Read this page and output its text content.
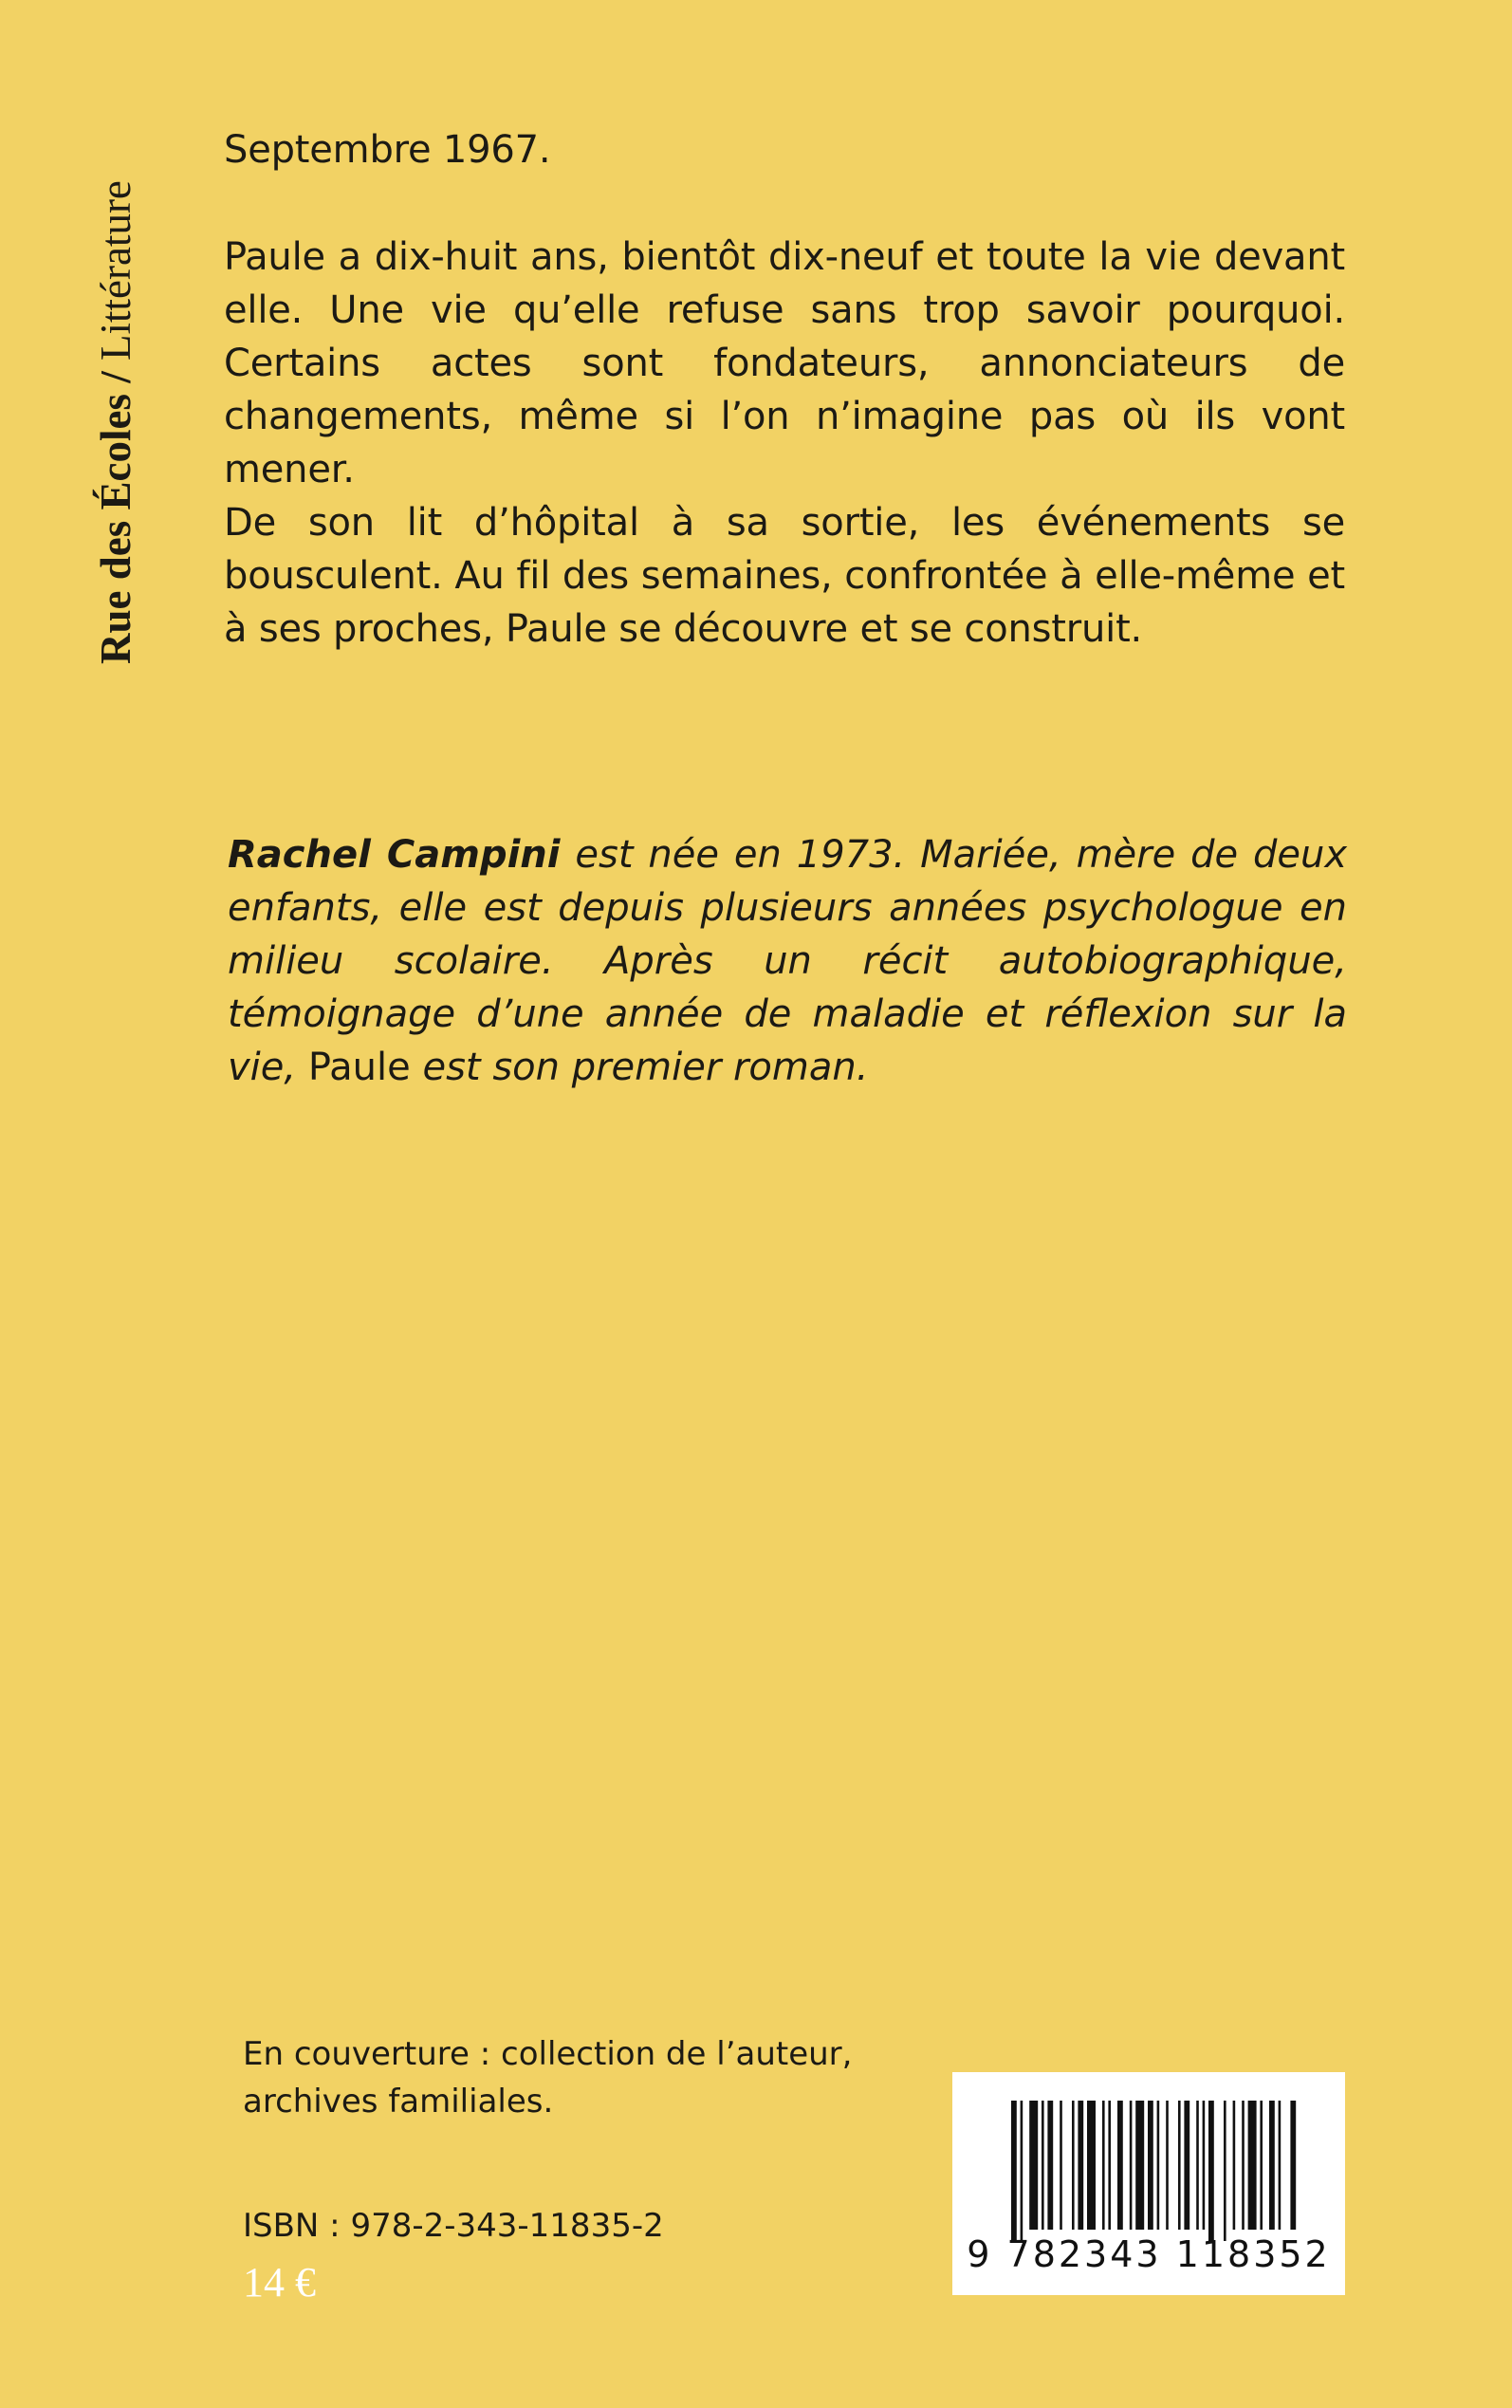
Rue des Écoles / Littérature
Septembre 1967.
Paule a dix-huit ans, bientôt dix-neuf et toute la vie devant elle. Une vie qu’elle refuse sans trop savoir pourquoi. Certains actes sont fondateurs, annonciateurs de changements, même si l’on n’imagine pas où ils vont mener.
De son lit d’hôpital à sa sortie, les événements se bousculent. Au fil des semaines, confrontée à elle-même et à ses proches, Paule se découvre et se construit.
Rachel Campini est née en 1973. Mariée, mère de deux enfants, elle est depuis plusieurs années psychologue en milieu scolaire. Après un récit autobiographique, témoignage d’une année de maladie et réflexion sur la vie, Paule est son premier roman.
En couverture : collection de l’auteur,
archives familiales.
ISBN : 978-2-343-11835-2
14 €
9 782343 118352
